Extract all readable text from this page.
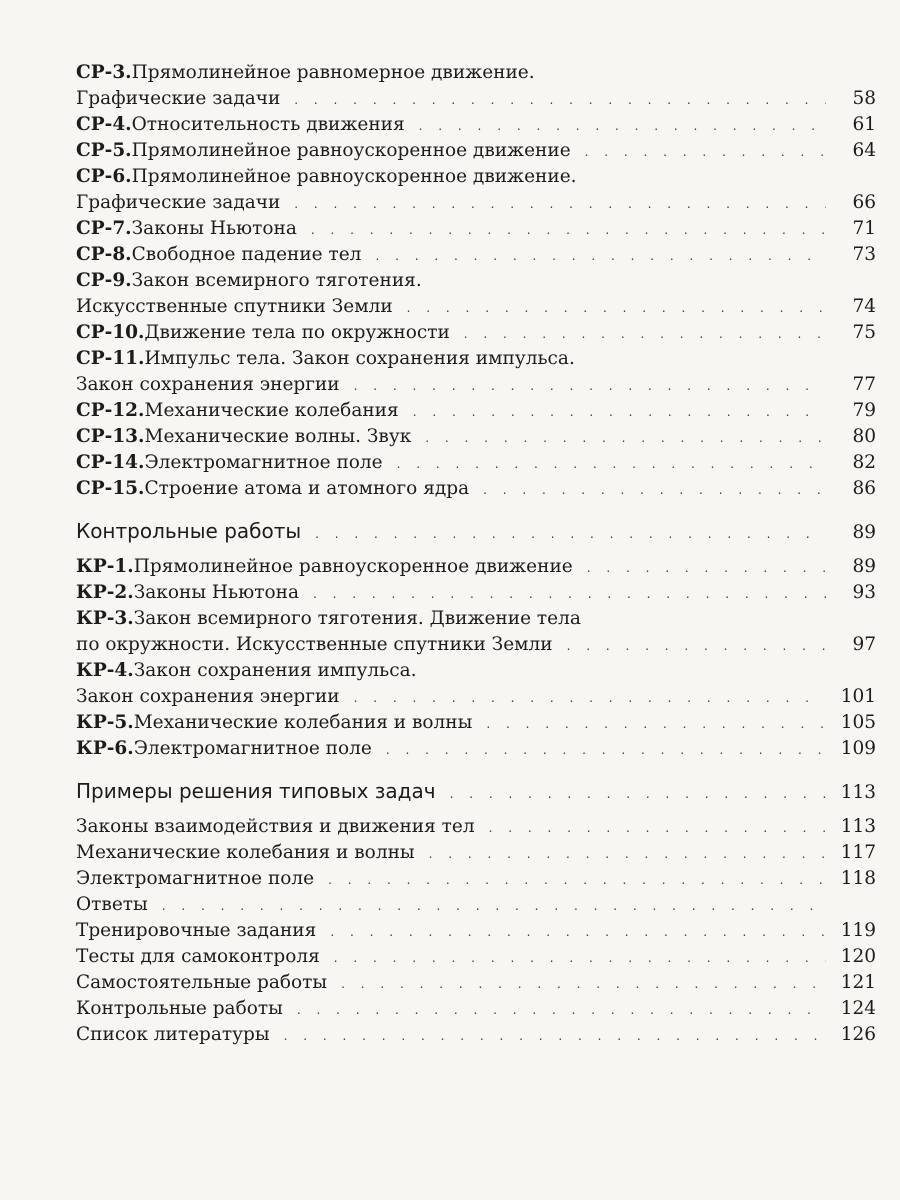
СР-3. Прямолинейное равномерное движение.
Графические задачи . . .	58
СР-4. Относительность движения . . .	61
СР-5. Прямолинейное равноускоренное движение . . .	64
СР-6. Прямолинейное равноускоренное движение.
Графические задачи . . .	66
СР-7. Законы Ньютона . . .	71
СР-8. Свободное падение тел . . .	73
СР-9. Закон всемирного тяготения.
Искусственные спутники Земли . . .	74
СР-10. Движение тела по окружности . . .	75
СР-11. Импульс тела. Закон сохранения импульса.
Закон сохранения энергии . . .	77
СР-12. Механические колебания . . .	79
СР-13. Механические волны. Звук . . .	80
СР-14. Электромагнитное поле . . .	82
СР-15. Строение атома и атомного ядра . . .	86
Контрольные работы . . .	89
КР-1. Прямолинейное равноускоренное движение . . .	89
КР-2. Законы Ньютона . . .	93
КР-3. Закон всемирного тяготения. Движение тела
по окружности. Искусственные спутники Земли . . .	97
КР-4. Закон сохранения импульса.
Закон сохранения энергии . . .	101
КР-5. Механические колебания и волны . . .	105
КР-6. Электромагнитное поле . . .	109
Примеры решения типовых задач . . .	113
Законы взаимодействия и движения тел . . .	113
Механические колебания и волны . . .	117
Электромагнитное поле . . .	118
Ответы
. . .
Тренировочные задания . . .	119
Тесты для самоконтроля . . .	120
Самостоятельные работы . . .	121
Контрольные работы . . .	124
Список литературы . . .	126
